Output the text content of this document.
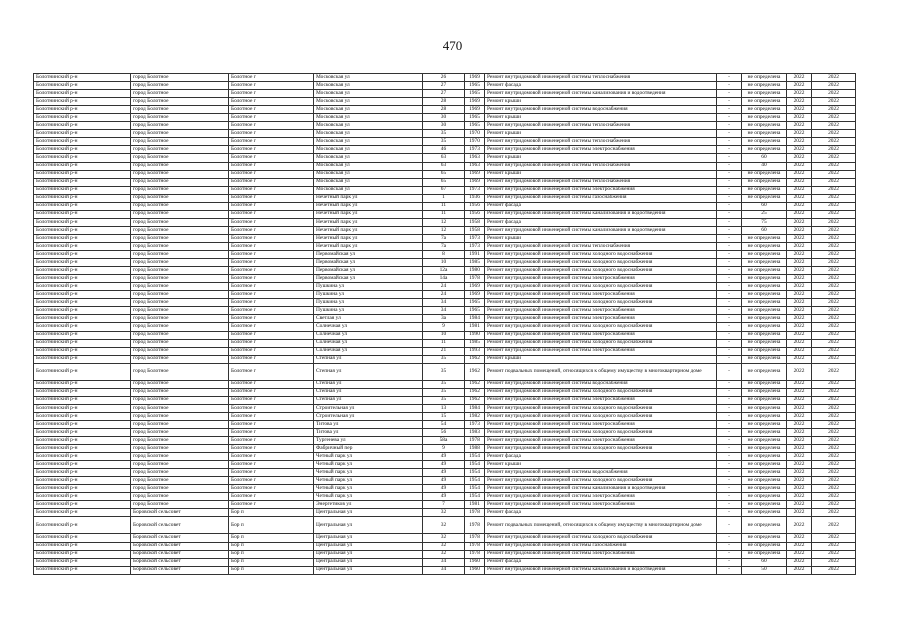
470
Болотнинский р-н	город Болотное	Болотное г	Московская ул	26	1969	Ремонт внутридомовой инженерной системы теплоснабжения	-	не определена	2022	2022
Болотнинский р-н	город Болотное	Болотное г	Московская ул	27	1965	Ремонт фасада	-	не определена	2022	2022
Болотнинский р-н	город Болотное	Болотное г	Московская ул	27	1965	Ремонт внутридомовой инженерной системы канализования и водоотведения	-	не определена	2022	2022
Болотнинский р-н	город Болотное	Болотное г	Московская ул	28	1969	Ремонт крыши	-	не определена	2022	2022
Болотнинский р-н	город Болотное	Болотное г	Московская ул	28	1969	Ремонт внутридомовой инженерной системы водоснабжения	-	не определена	2022	2022
Болотнинский р-н	город Болотное	Болотное г	Московская ул	30	1965	Ремонт крыши	-	не определена	2022	2022
Болотнинский р-н	город Болотное	Болотное г	Московская ул	30	1965	Ремонт внутридомовой инженерной системы теплоснабжения	-	не определена	2022	2022
Болотнинский р-н	город Болотное	Болотное г	Московская ул	35	1970	Ремонт крыши	-	не определена	2022	2022
Болотнинский р-н	город Болотное	Болотное г	Московская ул	35	1970	Ремонт внутридомовой инженерной системы теплоснабжения	-	не определена	2022	2022
Болотнинский р-н	город Болотное	Болотное г	Московская ул	46	1973	Ремонт внутридомовой инженерной системы электроснабжения	-	не определена	2022	2022
Болотнинский р-н	город Болотное	Болотное г	Московская ул	63	1963	Ремонт крыши	-	60	2022	2022
Болотнинский р-н	город Болотное	Болотное г	Московская ул	63	1963	Ремонт внутридомовой инженерной системы теплоснабжения	-	40	2022	2022
Болотнинский р-н	город Болотное	Болотное г	Московская ул	65	1969	Ремонт крыши	-	не определена	2022	2022
Болотнинский р-н	город Болотное	Болотное г	Московская ул	65	1969	Ремонт внутридомовой инженерной системы теплоснабжения	-	не определена	2022	2022
Болотнинский р-н	город Болотное	Болотное г	Московская ул	67	1973	Ремонт внутридомовой инженерной системы электроснабжения	-	не определена	2022	2022
Болотнинский р-н	город Болотное	Болотное г	Нечетный парк ул	1	1936	Ремонт внутридомовой инженерной системы газоснабжения	-	не определена	2022	2022
Болотнинский р-н	город Болотное	Болотное г	Нечетный парк ул	11	1956	Ремонт фасада	-	60	2022	2022
Болотнинский р-н	город Болотное	Болотное г	Нечетный парк ул	11	1956	Ремонт внутридомовой инженерной системы канализования и водоотведения	-	25	2022	2022
Болотнинский р-н	город Болотное	Болотное г	Нечетный парк ул	12	1958	Ремонт фасада	-	75	2022	2022
Болотнинский р-н	город Болотное	Болотное г	Нечетный парк ул	12	1958	Ремонт внутридомовой инженерной системы канализования и водоотведения	-	60	2022	2022
Болотнинский р-н	город Болотное	Болотное г	Нечетный парк ул	7а	1973	Ремонт крыши	-	не определена	2022	2022
Болотнинский р-н	город Болотное	Болотное г	Нечетный парк ул	7а	1973	Ремонт внутридомовой инженерной системы теплоснабжения	-	не определена	2022	2022
Болотнинский р-н	город Болотное	Болотное г	Первомайская ул	8	1991	Ремонт внутридомовой инженерной системы холодного водоснабжения	-	не определена	2022	2022
Болотнинский р-н	город Болотное	Болотное г	Первомайская ул	10	1985	Ремонт внутридомовой инженерной системы холодного водоснабжения	-	не определена	2022	2022
Болотнинский р-н	город Болотное	Болотное г	Первомайская ул	12а	1980	Ремонт внутридомовой инженерной системы холодного водоснабжения	-	не определена	2022	2022
Болотнинский р-н	город Болотное	Болотное г	Первомайская ул	14а	1978	Ремонт внутридомовой инженерной системы электроснабжения	-	не определена	2022	2022
Болотнинский р-н	город Болотное	Болотное г	Пушкина ул	24	1969	Ремонт внутридомовой инженерной системы холодного водоснабжения	-	не определена	2022	2022
Болотнинский р-н	город Болотное	Болотное г	Пушкина ул	24	1969	Ремонт внутридомовой инженерной системы электроснабжения	-	не определена	2022	2022
Болотнинский р-н	город Болотное	Болотное г	Пушкина ул	34	1965	Ремонт внутридомовой инженерной системы холодного водоснабжения	-	не определена	2022	2022
Болотнинский р-н	город Болотное	Болотное г	Пушкина ул	34	1965	Ремонт внутридомовой инженерной системы электроснабжения	-	не определена	2022	2022
Болотнинский р-н	город Болотное	Болотное г	Светлая ул	3а	1984	Ремонт внутридомовой инженерной системы электроснабжения	-	не определена	2022	2022
Болотнинский р-н	город Болотное	Болотное г	Солнечная ул	9	1981	Ремонт внутридомовой инженерной системы холодного водоснабжения	-	не определена	2022	2022
Болотнинский р-н	город Болотное	Болотное г	Солнечная ул	10	1990	Ремонт внутридомовой инженерной системы электроснабжения	-	не определена	2022	2022
Болотнинский р-н	город Болотное	Болотное г	Солнечная ул	11	1985	Ремонт внутридомовой инженерной системы холодного водоснабжения	-	не определена	2022	2022
Болотнинский р-н	город Болотное	Болотное г	Солнечная ул	21	1993	Ремонт внутридомовой инженерной системы электроснабжения	-	не определена	2022	2022
Болотнинский р-н	город Болотное	Болотное г	Степная ул	35	1962	Ремонт крыши	-	не определена	2022	2022
Болотнинский р-н	город Болотное	Болотное г	Степная ул	35	1962	Ремонт подвальных помещений, относящихся к общему имуществу в многоквартирном доме	-	не определена	2022	2022
Болотнинский р-н	город Болотное	Болотное г	Степная ул	35	1962	Ремонт внутридомовой инженерной системы водоснабжения	-	не определена	2022	2022
Болотнинский р-н	город Болотное	Болотное г	Степная ул	35	1962	Ремонт внутридомовой инженерной системы холодного водоснабжения	-	не определена	2022	2022
Болотнинский р-н	город Болотное	Болотное г	Степная ул	35	1962	Ремонт внутридомовой инженерной системы электроснабжения	-	не определена	2022	2022
Болотнинский р-н	город Болотное	Болотное г	Строительная ул	13	1984	Ремонт внутридомовой инженерной системы холодного водоснабжения	-	не определена	2022	2022
Болотнинский р-н	город Болотное	Болотное г	Строительная ул	15	1982	Ремонт внутридомовой инженерной системы холодного водоснабжения	-	не определена	2022	2022
Болотнинский р-н	город Болотное	Болотное г	Титова ул	54	1973	Ремонт внутридомовой инженерной системы электроснабжения	-	не определена	2022	2022
Болотнинский р-н	город Болотное	Болотное г	Титова ул	56	1983	Ремонт внутридомовой инженерной системы холодного водоснабжения	-	не определена	2022	2022
Болотнинский р-н	город Болотное	Болотное г	Тургенева ул	58а	1978	Ремонт внутридомовой инженерной системы электроснабжения	-	не определена	2022	2022
Болотнинский р-н	город Болотное	Болотное г	Фабричный пер	9	1988	Ремонт внутридомовой инженерной системы холодного водоснабжения	-	не определена	2022	2022
Болотнинский р-н	город Болотное	Болотное г	Четный парк ул	49	1954	Ремонт фасада	-	не определена	2022	2022
Болотнинский р-н	город Болотное	Болотное г	Четный парк ул	49	1954	Ремонт крыши	-	не определена	2022	2022
Болотнинский р-н	город Болотное	Болотное г	Четный парк ул	49	1954	Ремонт внутридомовой инженерной системы водоснабжения	-	не определена	2022	2022
Болотнинский р-н	город Болотное	Болотное г	Четный парк ул	49	1954	Ремонт внутридомовой инженерной системы холодного водоснабжения	-	не определена	2022	2022
Болотнинский р-н	город Болотное	Болотное г	Четный парк ул	49	1954	Ремонт внутридомовой инженерной системы канализования и водоотведения	-	не определена	2022	2022
Болотнинский р-н	город Болотное	Болотное г	Четный парк ул	49	1954	Ремонт внутридомовой инженерной системы электроснабжения	-	не определена	2022	2022
Болотнинский р-н	город Болотное	Болотное г	Энергетиков ул	7	1981	Ремонт внутридомовой инженерной системы электроснабжения	-	не определена	2022	2022
Болотнинский р-н	Боровской сельсовет	Бор п	Центральная ул	32	1978	Ремонт фасада	-	не определена	2022	2022
Болотнинский р-н	Боровской сельсовет	Бор п	Центральная ул	32	1978	Ремонт подвальных помещений, относящихся к общему имуществу в многоквартирном доме	-	не определена	2022	2022
Болотнинский р-н	Боровской сельсовет	Бор п	Центральная ул	32	1978	Ремонт внутридомовой инженерной системы холодного водоснабжения	-	не определена	2022	2022
Болотнинский р-н	Боровской сельсовет	Бор п	Центральная ул	32	1978	Ремонт внутридомовой инженерной системы газоснабжения	-	не определена	2022	2022
Болотнинский р-н	Боровской сельсовет	Бор п	Центральная ул	32	1978	Ремонт внутридомовой инженерной системы электроснабжения	-	не определена	2022	2022
Болотнинский р-н	Боровской сельсовет	Бор п	Центральная ул	34	1960	Ремонт фасада	-	60	2022	2022
Болотнинский р-н	Боровской сельсовет	Бор п	Центральная ул	34	1960	Ремонт внутридомовой инженерной системы канализования и водоотведения	-	50	2022	2022
